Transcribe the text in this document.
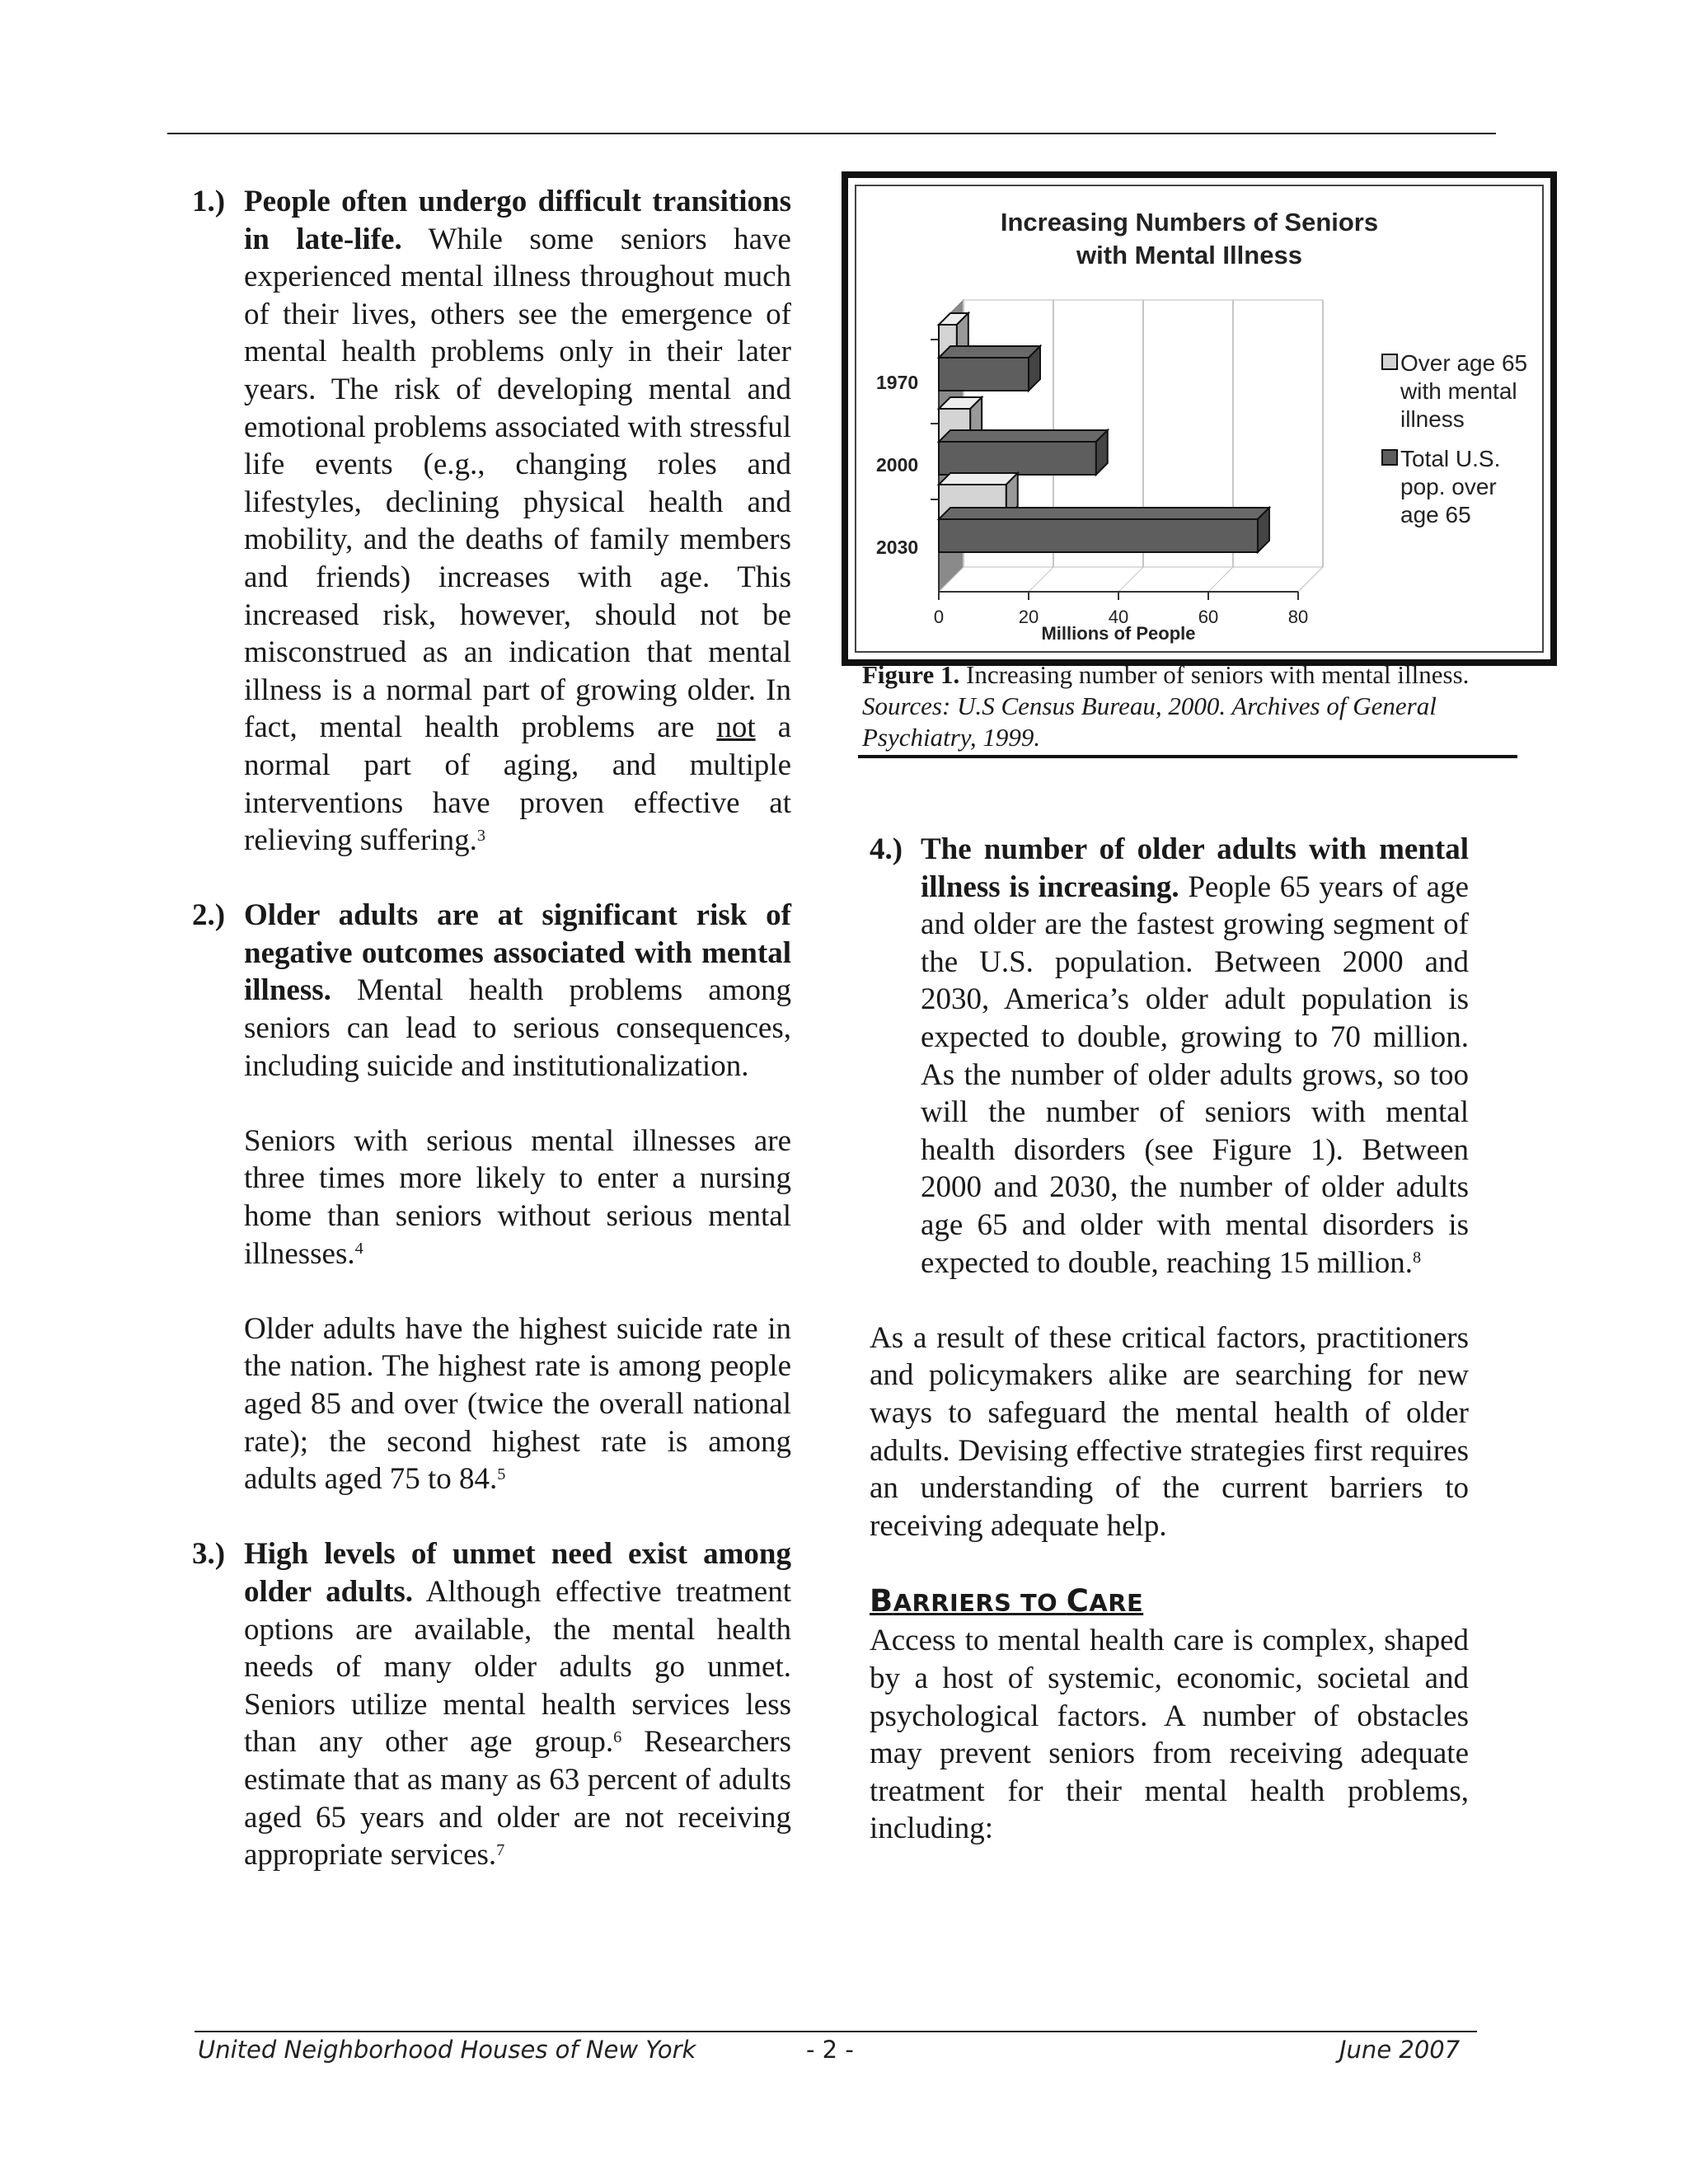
1.) People often undergo difficult transitions in late-life. While some seniors have experienced mental illness throughout much of their lives, others see the emergence of mental health problems only in their later years. The risk of developing mental and emotional problems associated with stressful life events (e.g., changing roles and lifestyles, declining physical health and mobility, and the deaths of family members and friends) increases with age. This increased risk, however, should not be misconstrued as an indication that mental illness is a normal part of growing older. In fact, mental health problems are not a normal part of aging, and multiple interventions have proven effective at relieving suffering.$^3$

2.) Older adults are at significant risk of negative outcomes associated with mental illness. Mental health problems among seniors can lead to serious consequences, including suicide and institutionalization.

Seniors with serious mental illnesses are three times more likely to enter a nursing home than seniors without serious mental illnesses.$^4$

Older adults have the highest suicide rate in the nation. The highest rate is among people aged 85 and over (twice the overall national rate); the second highest rate is among adults aged 75 to 84.$^5$

3.) High levels of unmet need exist among older adults. Although effective treatment options are available, the mental health needs of many older adults go unmet. Seniors utilize mental health services less than any other age group.$^6$ Researchers estimate that as many as 63 percent of adults aged 65 years and older are not receiving appropriate services.$^7$

Increasing Numbers of Seniors
with Mental Illness
Millions of People
Over age 65
with mental
illness
Total U.S.
pop. over
age 65
0	20	40	60	80
1970
2000
2030
Figure 1. Increasing number of seniors with mental illness.
Sources: U.S Census Bureau, 2000. Archives of General
Psychiatry, 1999.
4.) The number of older adults with mental illness is increasing. People 65 years of age and older are the fastest growing segment of the U.S. population. Between 2000 and 2030, America’s older adult population is expected to double, growing to 70 million. As the number of older adults grows, so too will the number of seniors with mental health disorders (see Figure 1). Between 2000 and 2030, the number of older adults age 65 and older with mental disorders is expected to double, reaching 15 million.$^8$

As a result of these critical factors, practitioners and policymakers alike are searching for new ways to safeguard the mental health of older adults. Devising effective strategies first requires an understanding of the current barriers to receiving adequate help.

BARRIERS TO CARE

Access to mental health care is complex, shaped by a host of systemic, economic, societal and psychological factors. A number of obstacles may prevent seniors from receiving adequate treatment for their mental health problems, including:

United Neighborhood Houses of New York	- 2 -	June 2007
